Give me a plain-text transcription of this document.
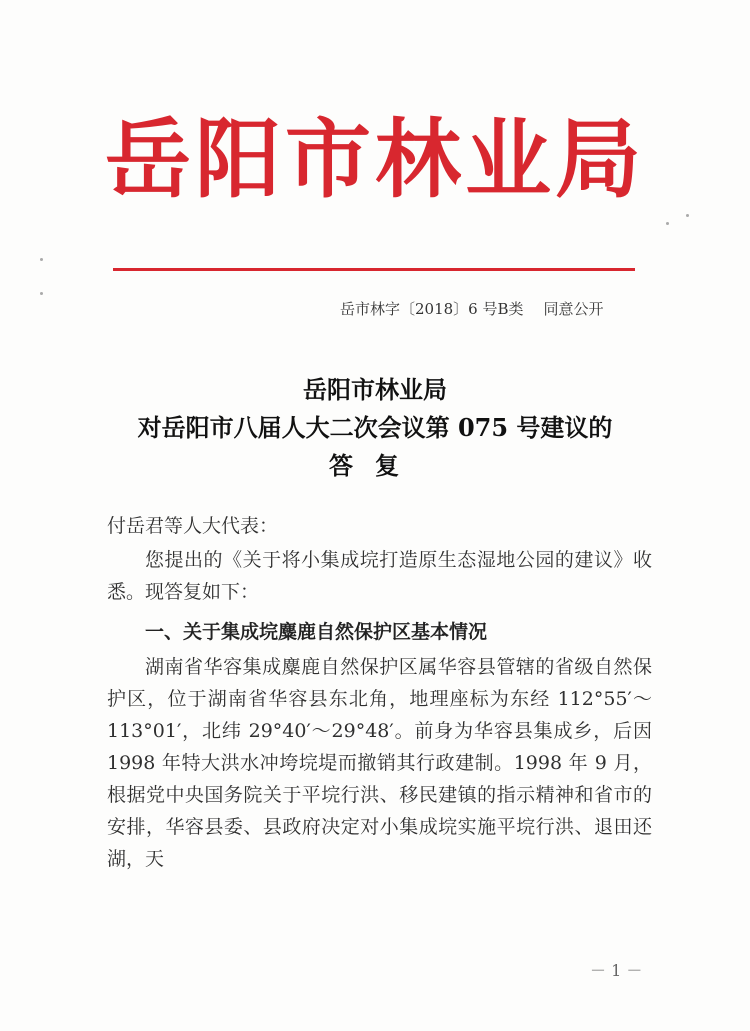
岳阳市林业局
岳市林字〔2018〕6 号B类 同意公开
岳阳市林业局
对岳阳市八届人大二次会议第 075 号建议的
答复
付岳君等人大代表：
您提出的《关于将小集成垸打造原生态湿地公园的建议》收悉。现答复如下：
一、关于集成垸麋鹿自然保护区基本情况
湖南省华容集成麋鹿自然保护区属华容县管辖的省级自然保护区，位于湖南省华容县东北角，地理座标为东经 112°55′～113°01′，北纬 29°40′～29°48′。前身为华容县集成乡，后因 1998 年特大洪水冲垮垸堤而撤销其行政建制。1998 年 9 月，根据党中央国务院关于平垸行洪、移民建镇的指示精神和省市的安排，华容县委、县政府决定对小集成垸实施平垸行洪、退田还湖，天
－ 1 －
